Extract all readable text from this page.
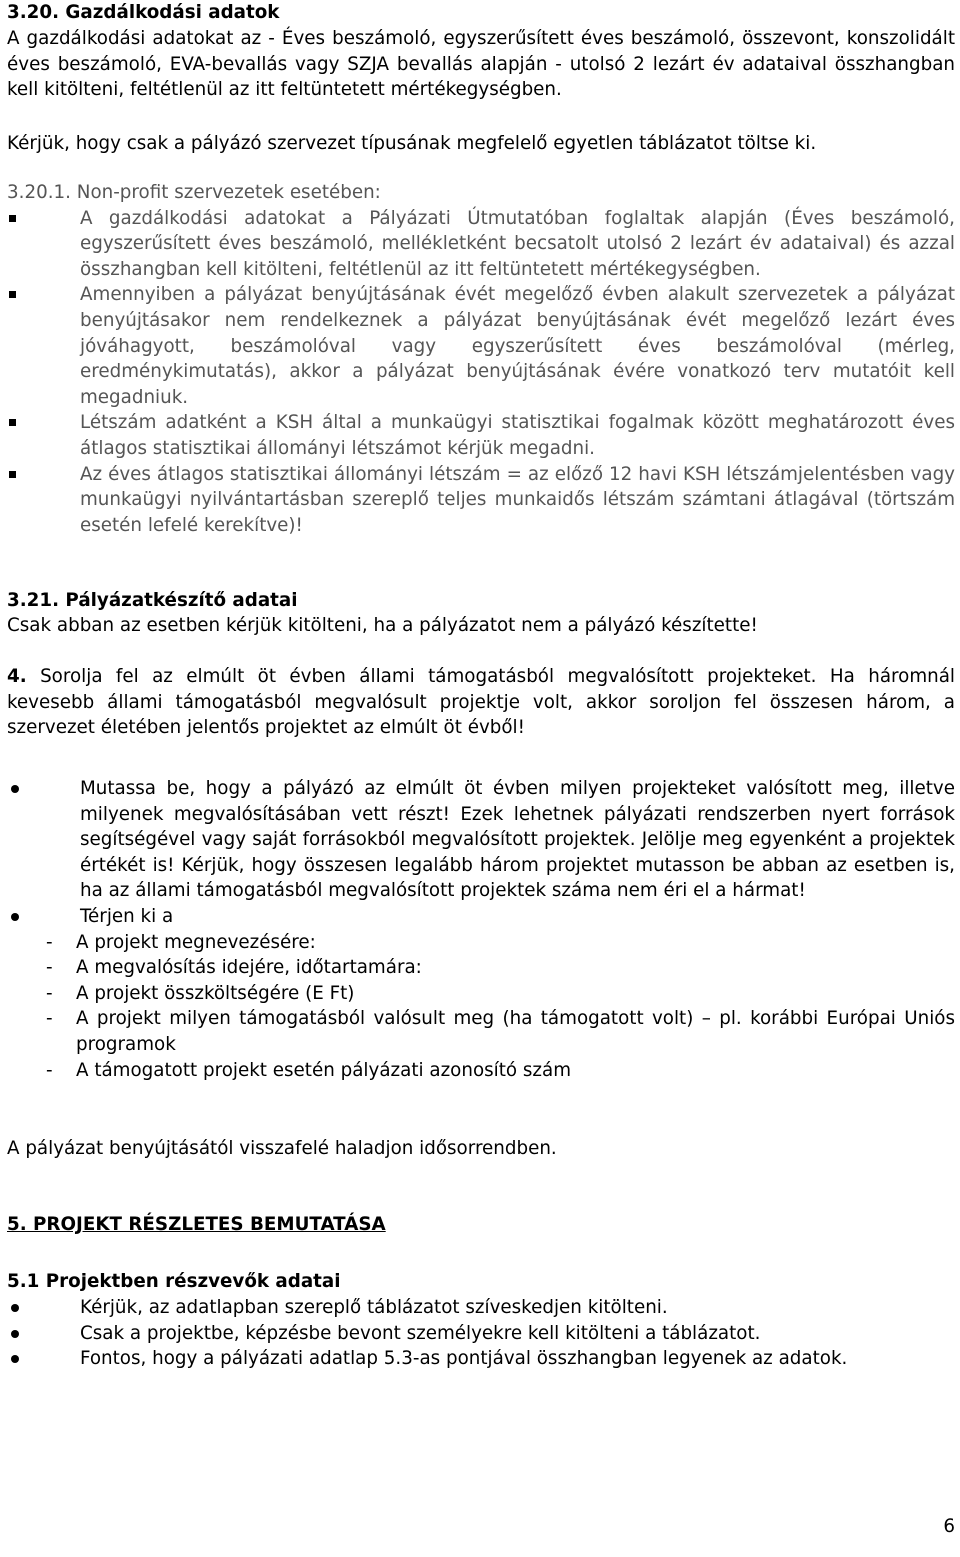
3.20. Gazdálkodási adatok

A gazdálkodási adatokat az - Éves beszámoló, egyszerűsített éves beszámoló, összevont, konszolidált éves beszámoló, EVA-bevallás vagy SZJA bevallás alapján - utolsó 2 lezárt év adataival összhangban kell kitölteni, feltétlenül az itt feltüntetett mértékegységben.

Kérjük, hogy csak a pályázó szervezet típusának megfelelő egyetlen táblázatot töltse ki.

3.20.1. Non-profit szervezetek esetében:

A gazdálkodási adatokat a Pályázati Útmutatóban foglaltak alapján (Éves beszámoló, egyszerűsített éves beszámoló, mellékletként becsatolt utolsó 2 lezárt év adataival) és azzal összhangban kell kitölteni, feltétlenül az itt feltüntetett mértékegységben.

Amennyiben a pályázat benyújtásának évét megelőző évben alakult szervezetek a pályázat benyújtásakor nem rendelkeznek a pályázat benyújtásának évét megelőző lezárt éves jóváhagyott, beszámolóval vagy egyszerűsített éves beszámolóval (mérleg, eredménykimutatás), akkor a pályázat benyújtásának évére vonatkozó terv mutatóit kell megadniuk.

Létszám adatként a KSH által a munkaügyi statisztikai fogalmak között meghatározott éves átlagos statisztikai állományi létszámot kérjük megadni.

Az éves átlagos statisztikai állományi létszám = az előző 12 havi KSH létszámjelentésben vagy munkaügyi nyilvántartásban szereplő teljes munkaidős létszám számtani átlagával (törtszám esetén lefelé kerekítve)!

3.21. Pályázatkészítő adatai

Csak abban az esetben kérjük kitölteni, ha a pályázatot nem a pályázó készítette!

4. Sorolja fel az elmúlt öt évben állami támogatásból megvalósított projekteket. Ha háromnál kevesebb állami támogatásból megvalósult projektje volt, akkor soroljon fel összesen három, a szervezet életében jelentős projektet az elmúlt öt évből!

Mutassa be, hogy a pályázó az elmúlt öt évben milyen projekteket valósított meg, illetve milyenek megvalósításában vett részt! Ezek lehetnek pályázati rendszerben nyert források segítségével vagy saját forrásokból megvalósított projektek. Jelölje meg egyenként a projektek értékét is! Kérjük, hogy összesen legalább három projektet mutasson be abban az esetben is, ha az állami támogatásból megvalósított projektek száma nem éri el a hármat!

Térjen ki a

- A projekt megnevezésére:

- A megvalósítás idejére, időtartamára:

- A projekt összköltségére (E Ft)

- A projekt milyen támogatásból valósult meg (ha támogatott volt) – pl. korábbi Európai Uniós programok

- A támogatott projekt esetén pályázati azonosító szám

A pályázat benyújtásától visszafelé haladjon idősorrendben.

5. PROJEKT RÉSZLETES BEMUTATÁSA

5.1 Projektben részvevők adatai

Kérjük, az adatlapban szereplő táblázatot szíveskedjen kitölteni.

Csak a projektbe, képzésbe bevont személyekre kell kitölteni a táblázatot.

Fontos, hogy a pályázati adatlap 5.3-as pontjával összhangban legyenek az adatok.

6
